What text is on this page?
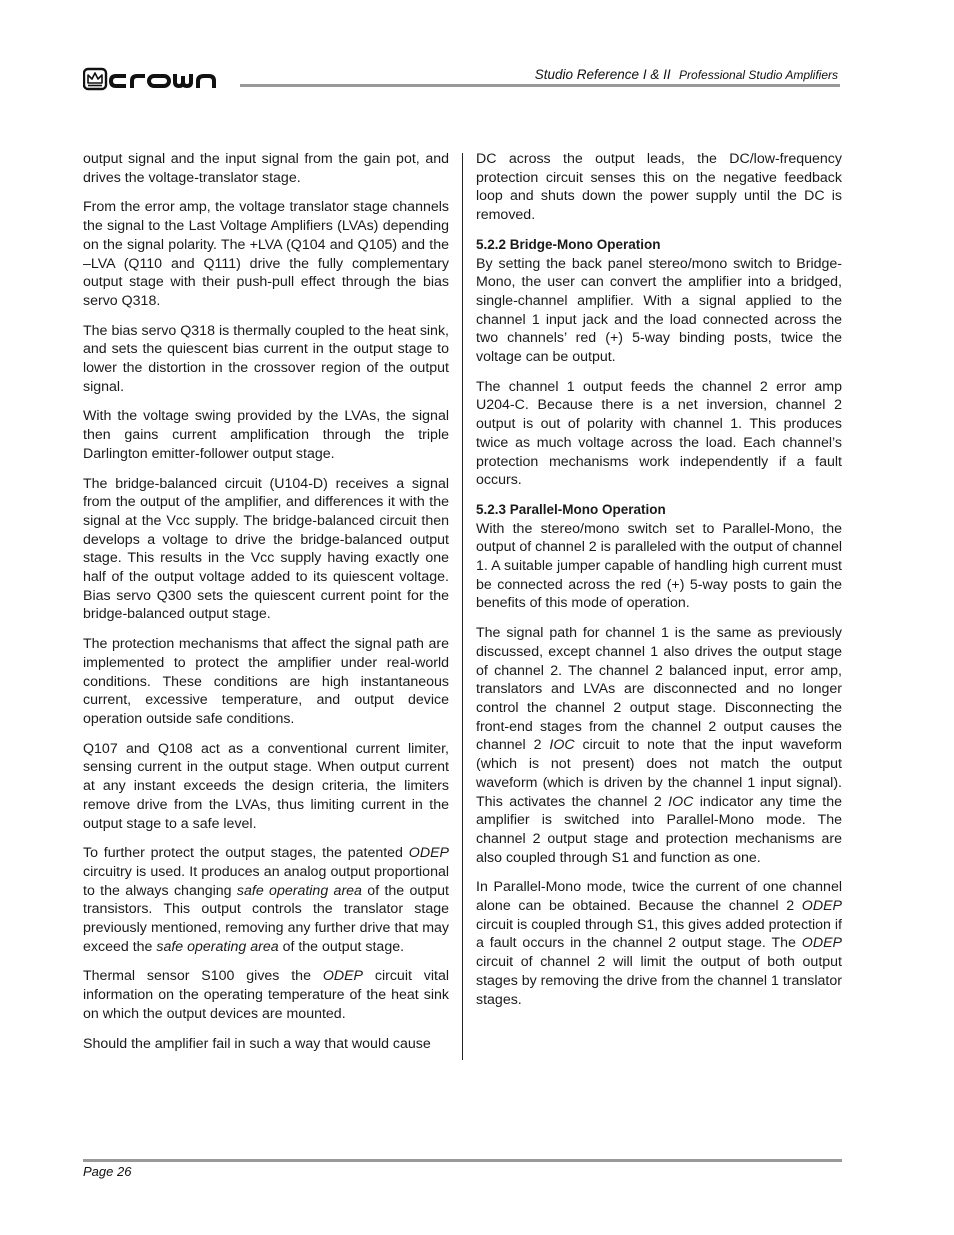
Studio Reference I & II Professional Studio Amplifiers

output signal and the input signal from the gain pot, and drives the voltage-translator stage.

From the error amp, the voltage translator stage channels the signal to the Last Voltage Amplifiers (LVAs) depending on the signal polarity. The +LVA (Q104 and Q105) and the –LVA (Q110 and Q111) drive the fully complementary output stage with their push-pull effect through the bias servo Q318.

The bias servo Q318 is thermally coupled to the heat sink, and sets the quiescent bias current in the output stage to lower the distortion in the crossover region of the output signal.

With the voltage swing provided by the LVAs, the signal then gains current amplification through the triple Darlington emitter-follower output stage.

The bridge-balanced circuit (U104-D) receives a signal from the output of the amplifier, and differences it with the signal at the Vcc supply. The bridge-balanced circuit then develops a voltage to drive the bridge-balanced output stage. This results in the Vcc supply having exactly one half of the output voltage added to its quiescent voltage. Bias servo Q300 sets the quiescent current point for the bridge-balanced output stage.

The protection mechanisms that affect the signal path are implemented to protect the amplifier under real-world conditions. These conditions are high instantaneous current, excessive temperature, and output device operation outside safe conditions.

Q107 and Q108 act as a conventional current limiter, sensing current in the output stage. When output current at any instant exceeds the design criteria, the limiters remove drive from the LVAs, thus limiting current in the output stage to a safe level.

To further protect the output stages, the patented ODEP circuitry is used. It produces an analog output proportional to the always changing safe operating area of the output transistors. This output controls the translator stage previously mentioned, removing any further drive that may exceed the safe operating area of the output stage.

Thermal sensor S100 gives the ODEP circuit vital information on the operating temperature of the heat sink on which the output devices are mounted.

Should the amplifier fail in such a way that would cause

DC across the output leads, the DC/low-frequency protection circuit senses this on the negative feedback loop and shuts down the power supply until the DC is removed.

5.2.2 Bridge-Mono Operation

By setting the back panel stereo/mono switch to Bridge-Mono, the user can convert the amplifier into a bridged, single-channel amplifier. With a signal applied to the channel 1 input jack and the load connected across the two channels’ red (+) 5-way binding posts, twice the voltage can be output.

The channel 1 output feeds the channel 2 error amp U204-C. Because there is a net inversion, channel 2 output is out of polarity with channel 1. This produces twice as much voltage across the load. Each channel’s protection mechanisms work independently if a fault occurs.

5.2.3 Parallel-Mono Operation

With the stereo/mono switch set to Parallel-Mono, the output of channel 2 is paralleled with the output of channel 1. A suitable jumper capable of handling high current must be connected across the red (+) 5-way posts to gain the benefits of this mode of operation.

The signal path for channel 1 is the same as previously discussed, except channel 1 also drives the output stage of channel 2. The channel 2 balanced input, error amp, translators and LVAs are disconnected and no longer control the channel 2 output stage. Disconnecting the front-end stages from the channel 2 output causes the channel 2 IOC circuit to note that the input waveform (which is not present) does not match the output waveform (which is driven by the channel 1 input signal). This activates the channel 2 IOC indicator any time the amplifier is switched into Parallel-Mono mode. The channel 2 output stage and protection mechanisms are also coupled through S1 and function as one.

In Parallel-Mono mode, twice the current of one channel alone can be obtained. Because the channel 2 ODEP circuit is coupled through S1, this gives added protection if a fault occurs in the channel 2 output stage. The ODEP circuit of channel 2 will limit the output of both output stages by removing the drive from the channel 1 translator stages.

Page 26
